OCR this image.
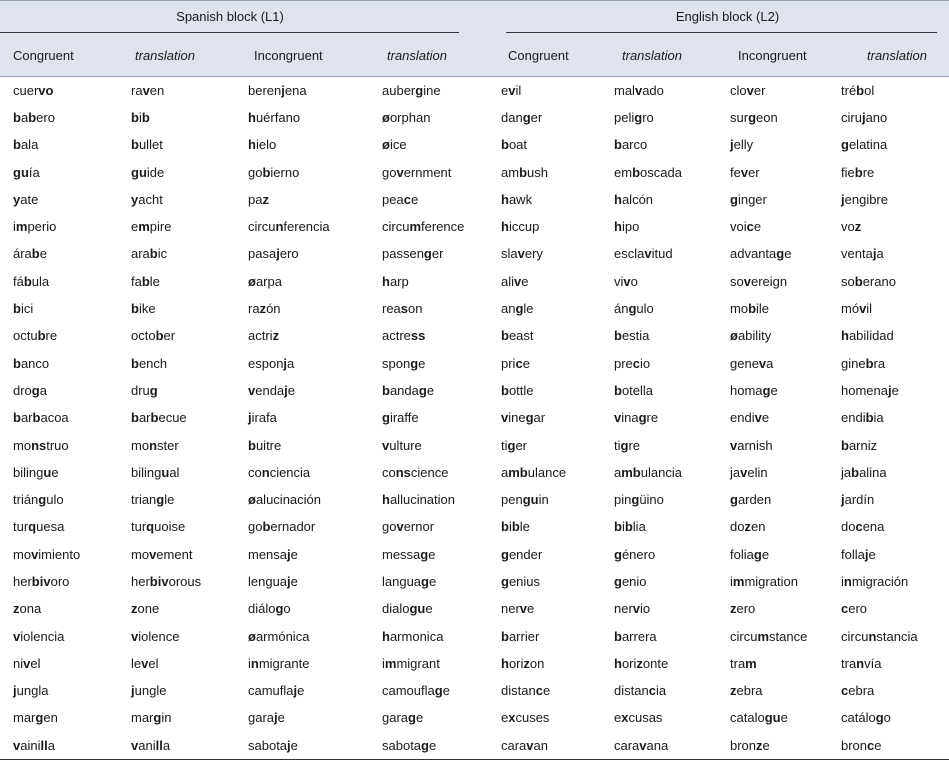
Spanish block (L1)	English block (L2)
Congruent	translation	Incongruent	translation	Congruent	translation	Incongruent	translation
cuervo	raven	berenjena	aubergine	evil	malvado	clover	trébol
babero	bib	huérfano	øorphan	danger	peligro	surgeon	cirujano
bala	bullet	hielo	øice	boat	barco	jelly	gelatina
guía	guide	gobierno	government	ambush	emboscada	fever	fiebre
yate	yacht	paz	peace	hawk	halcón	ginger	jengibre
imperio	empire	circunferencia	circumference	hiccup	hipo	voice	voz
árabe	arabic	pasajero	passenger	slavery	esclavitud	advantage	ventaja
fábula	fable	øarpa	harp	alive	vivo	sovereign	soberano
bici	bike	razón	reason	angle	ángulo	mobile	móvil
octubre	october	actriz	actress	beast	bestia	øability	habilidad
banco	bench	esponja	sponge	price	precio	geneva	ginebra
droga	drug	vendaje	bandage	bottle	botella	homage	homenaje
barbacoa	barbecue	jirafa	giraffe	vinegar	vinagre	endive	endibia
monstruo	monster	buitre	vulture	tiger	tigre	varnish	barniz
bilingue	bilingual	conciencia	conscience	ambulance	ambulancia	javelin	jabalina
triángulo	triangle	øalucinación	hallucination	penguin	pingüino	garden	jardín
turquesa	turquoise	gobernador	governor	bible	biblia	dozen	docena
movimiento	movement	mensaje	message	gender	género	foliage	follaje
herbivoro	herbivorous	lenguaje	language	genius	genio	immigration	inmigración
zona	zone	diálogo	dialogue	nerve	nervio	zero	cero
violencia	violence	øarmónica	harmonica	barrier	barrera	circumstance	circunstancia
nivel	level	inmigrante	immigrant	horizon	horizonte	tram	tranvía
jungla	jungle	camuflaje	camouflage	distance	distancia	zebra	cebra
margen	margin	garaje	garage	excuses	excusas	catalogue	catálogo
vainilla	vanilla	sabotaje	sabotage	caravan	caravana	bronze	bronce
